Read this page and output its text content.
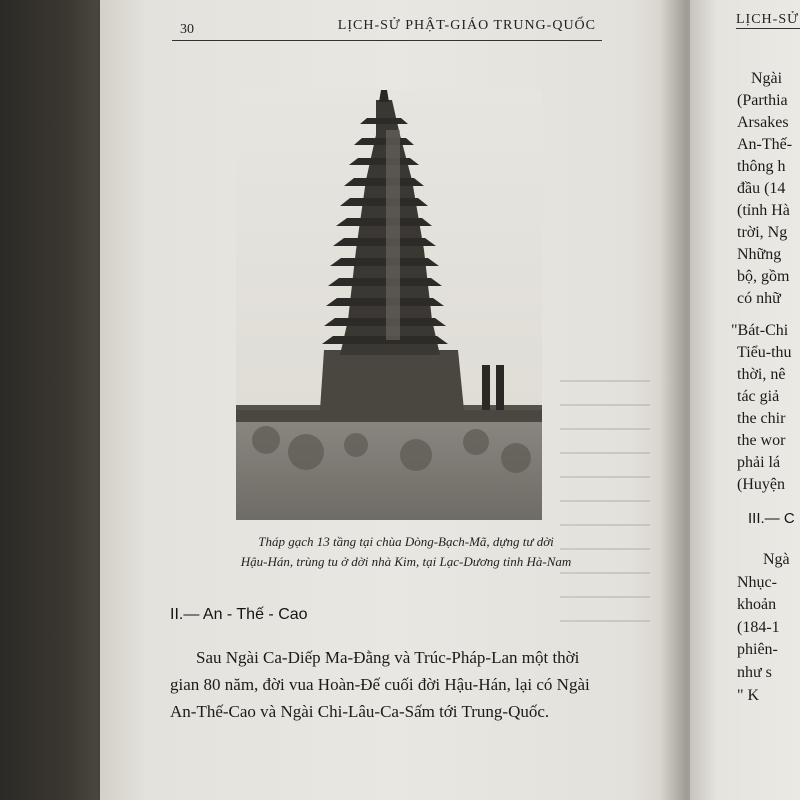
30	LỊCH-SỬ PHẬT-GIÁO TRUNG-QUỐC
Tháp gạch 13 tầng tại chùa Dòng-Bạch-Mã, dựng tư dời
Hậu-Hán, trùng tu ở dời nhà Kim, tại Lạc-Dương tỉnh Hà-Nam
II.— An - Thế - Cao
Sau Ngài Ca-Diếp Ma-Đằng và Trúc-Pháp-Lan một thời
gian 80 năm, đời vua Hoàn-Đế cuối đời Hậu-Hán, lại có Ngài
An-Thế-Cao và Ngài Chi-Lâu-Ca-Sấm tới Trung-Quốc.
LỊCH-SỬ
Ngài
(Parthia
Arsakes
An-Thế-
thông h
đầu (14
(tỉnh Hà
trời, Ng
Những
bộ, gồm
có nhữ
"Bát-Chi
Tiểu-thu
thời, nê
tác giả
the chir
the wor
phải lá
(Huyện
III.— C
Ngà
Nhục-
khoản
(184-1
phiên-
như s
" K
